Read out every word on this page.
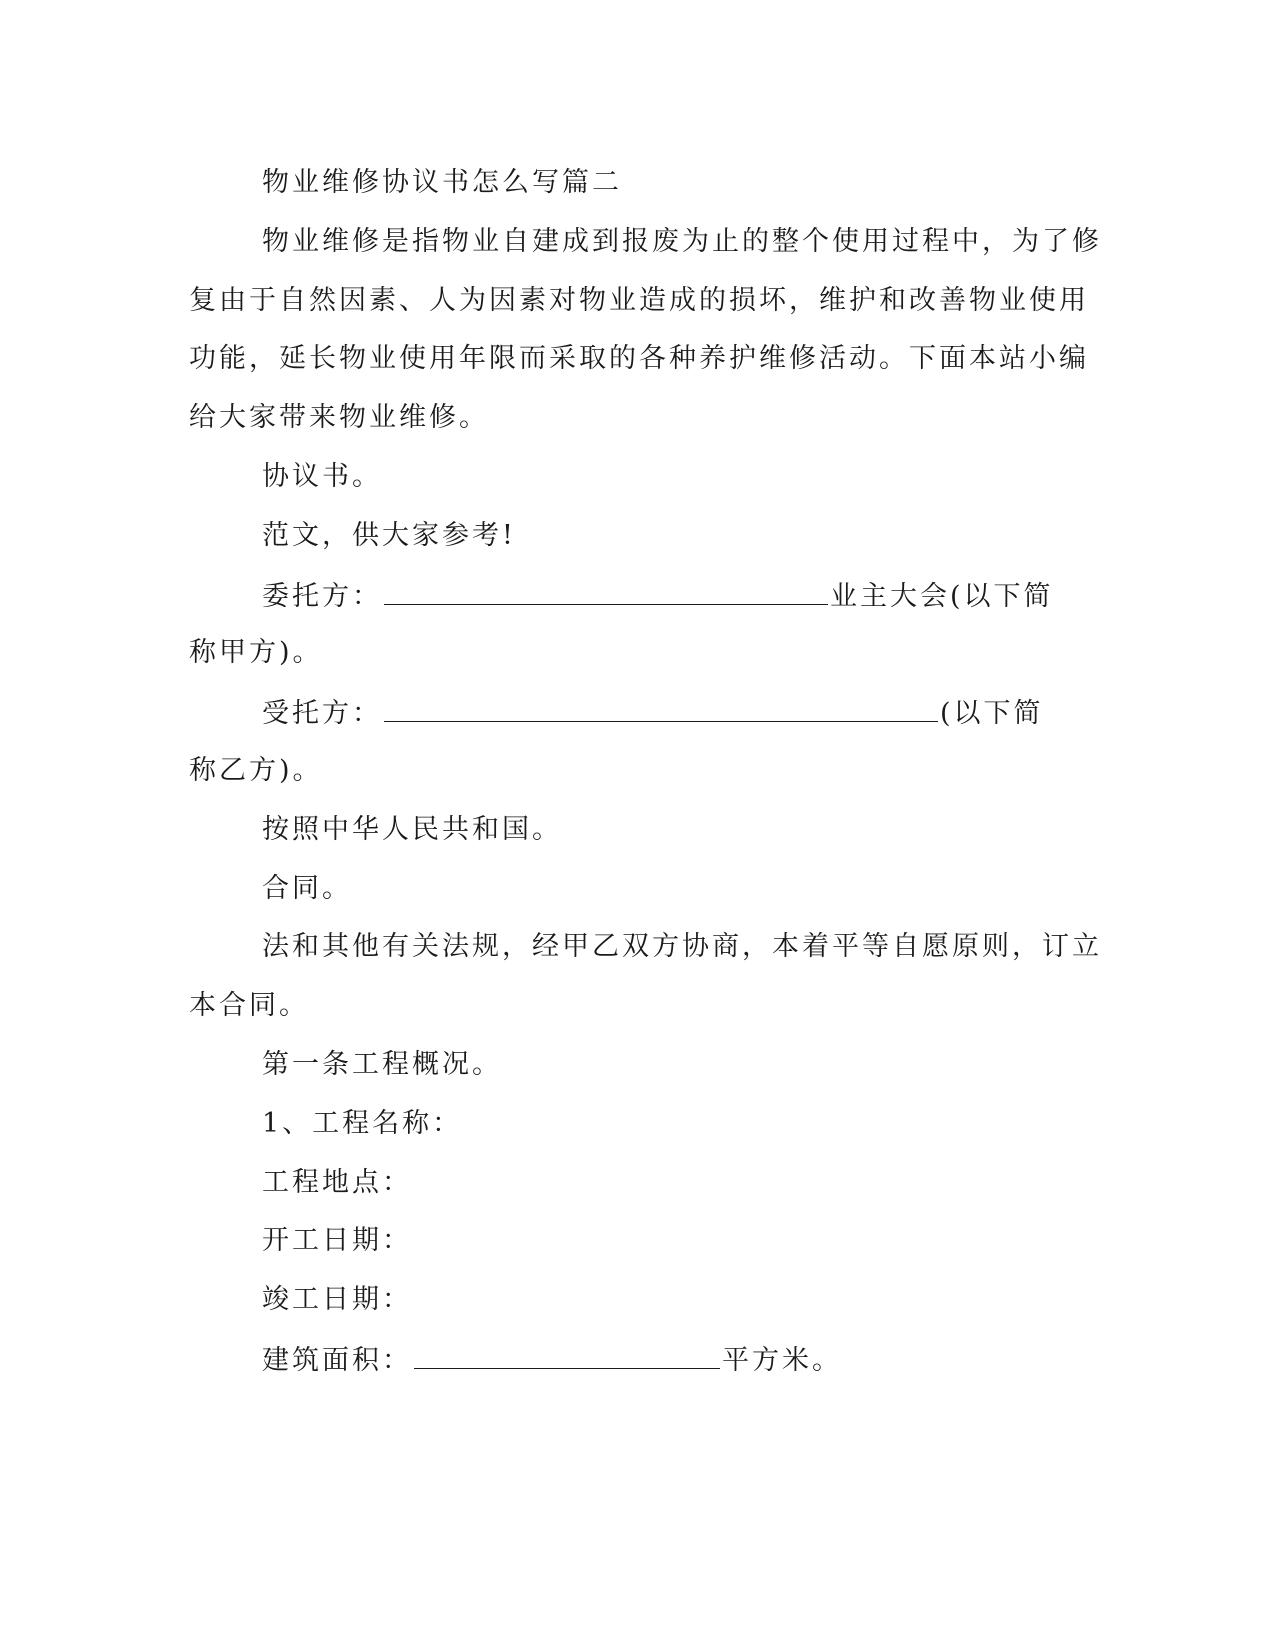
物业维修协议书怎么写篇二
物业维修是指物业自建成到报废为止的整个使用过程中，为了修
复由于自然因素、人为因素对物业造成的损坏，维护和改善物业使用
功能，延长物业使用年限而采取的各种养护维修活动。下面本站小编
给大家带来物业维修。
协议书。
范文，供大家参考!
委托方：	业主大会(以下简
称甲方)。
受托方：	(以下简
称乙方)。
按照中华人民共和国。
合同。
法和其他有关法规，经甲乙双方协商，本着平等自愿原则，订立
本合同。
第一条工程概况。
1、工程名称：
工程地点：
开工日期：
竣工日期：
建筑面积：	平方米。
